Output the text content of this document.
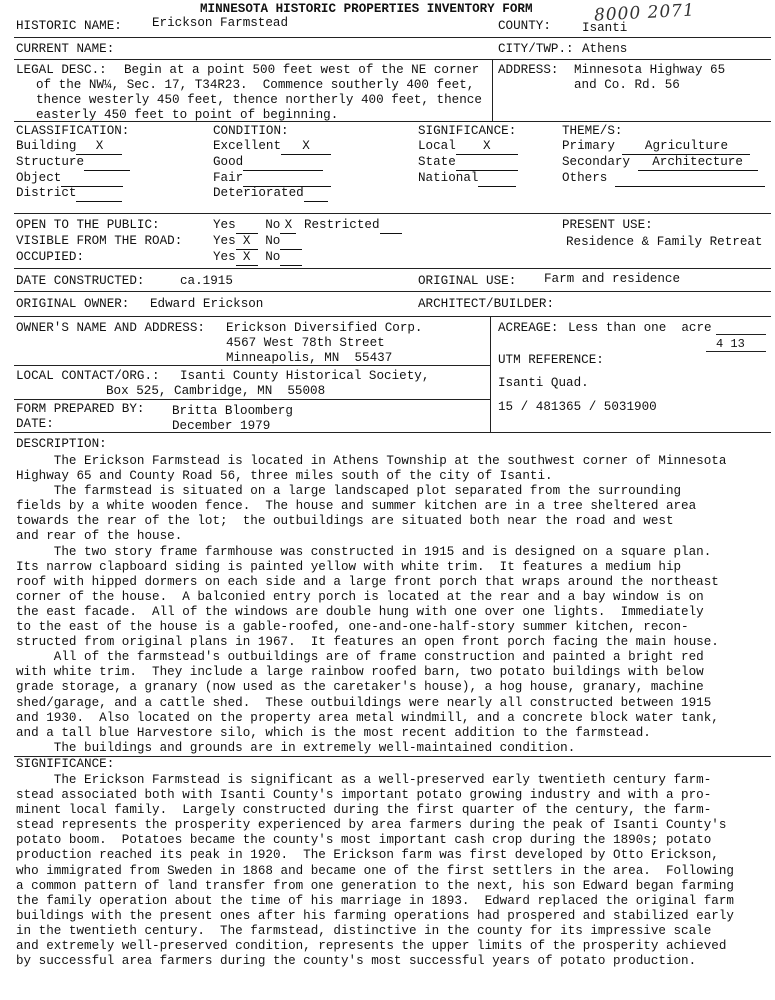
MINNESOTA HISTORIC PROPERTIES INVENTORY FORM	8000 2071
HISTORIC NAME: Erickson Farmstead	COUNTY: Isanti
CURRENT NAME:	CITY/TWP.: Athens
LEGAL DESC.: Begin at a point 500 feet west of the NE corner
of the NW¼, Sec. 17, T34R23.  Commence southerly 400 feet,
thence westerly 450 feet, thence northerly 400 feet, thence
easterly 450 feet to point of beginning.
ADDRESS: Minnesota Highway 65
and Co. Rd. 56
CLASSIFICATION:
Building X
Structure
Object
District
CONDITION:
Excellent X
Good
Fair
Deteriorated
SIGNIFICANCE:
Local X
State
National
THEME/S:
Primary Agriculture
Secondary Architecture
Others
OPEN TO THE PUBLIC:	Yes No X Restricted
VISIBLE FROM THE ROAD: Yes X No
OCCUPIED:	Yes X No
PRESENT USE:
Residence & Family Retreat
DATE CONSTRUCTED:	ca.1915	ORIGINAL USE: Farm and residence
ORIGINAL OWNER: Edward Erickson	ARCHITECT/BUILDER:
OWNER'S NAME AND ADDRESS: Erickson Diversified Corp.
4567 West 78th Street
Minneapolis, MN  55437
ACREAGE: Less than one  acre
4 13
UTM REFERENCE:
Isanti Quad.
15 / 481365 / 5031900
LOCAL CONTACT/ORG.: Isanti County Historical Society,
Box 525, Cambridge, MN  55008
FORM PREPARED BY: Britta Bloomberg
DATE:	December 1979
DESCRIPTION:
The Erickson Farmstead is located in Athens Township at the southwest corner of Minnesota
Highway 65 and County Road 56, three miles south of the city of Isanti.
The farmstead is situated on a large landscaped plot separated from the surrounding
fields by a white wooden fence.  The house and summer kitchen are in a tree sheltered area
towards the rear of the lot;  the outbuildings are situated both near the road and west
and rear of the house.
The two story frame farmhouse was constructed in 1915 and is designed on a square plan.
Its narrow clapboard siding is painted yellow with white trim.  It features a medium hip
roof with hipped dormers on each side and a large front porch that wraps around the northeast
corner of the house.  A balconied entry porch is located at the rear and a bay window is on
the east facade.  All of the windows are double hung with one over one lights.  Immediately
to the east of the house is a gable-roofed, one-and-one-half-story summer kitchen, recon-
structed from original plans in 1967.  It features an open front porch facing the main house.
All of the farmstead's outbuildings are of frame construction and painted a bright red
with white trim.  They include a large rainbow roofed barn, two potato buildings with below
grade storage, a granary (now used as the caretaker's house), a hog house, granary, machine
shed/garage, and a cattle shed.  These outbuildings were nearly all constructed between 1915
and 1930.  Also located on the property area metal windmill, and a concrete block water tank,
and a tall blue Harvestore silo, which is the most recent addition to the farmstead.
The buildings and grounds are in extremely well-maintained condition.
SIGNIFICANCE:
The Erickson Farmstead is significant as a well-preserved early twentieth century farm-
stead associated both with Isanti County's important potato growing industry and with a pro-
minent local family.  Largely constructed during the first quarter of the century, the farm-
stead represents the prosperity experienced by area farmers during the peak of Isanti County's
potato boom.  Potatoes became the county's most important cash crop during the 1890s; potato
production reached its peak in 1920.  The Erickson farm was first developed by Otto Erickson,
who immigrated from Sweden in 1868 and became one of the first settlers in the area.  Following
a common pattern of land transfer from one generation to the next, his son Edward began farming
the family operation about the time of his marriage in 1893.  Edward replaced the original farm
buildings with the present ones after his farming operations had prospered and stabilized early
in the twentieth century.  The farmstead, distinctive in the county for its impressive scale
and extremely well-preserved condition, represents the upper limits of the prosperity achieved
by successful area farmers during the county's most successful years of potato production.
